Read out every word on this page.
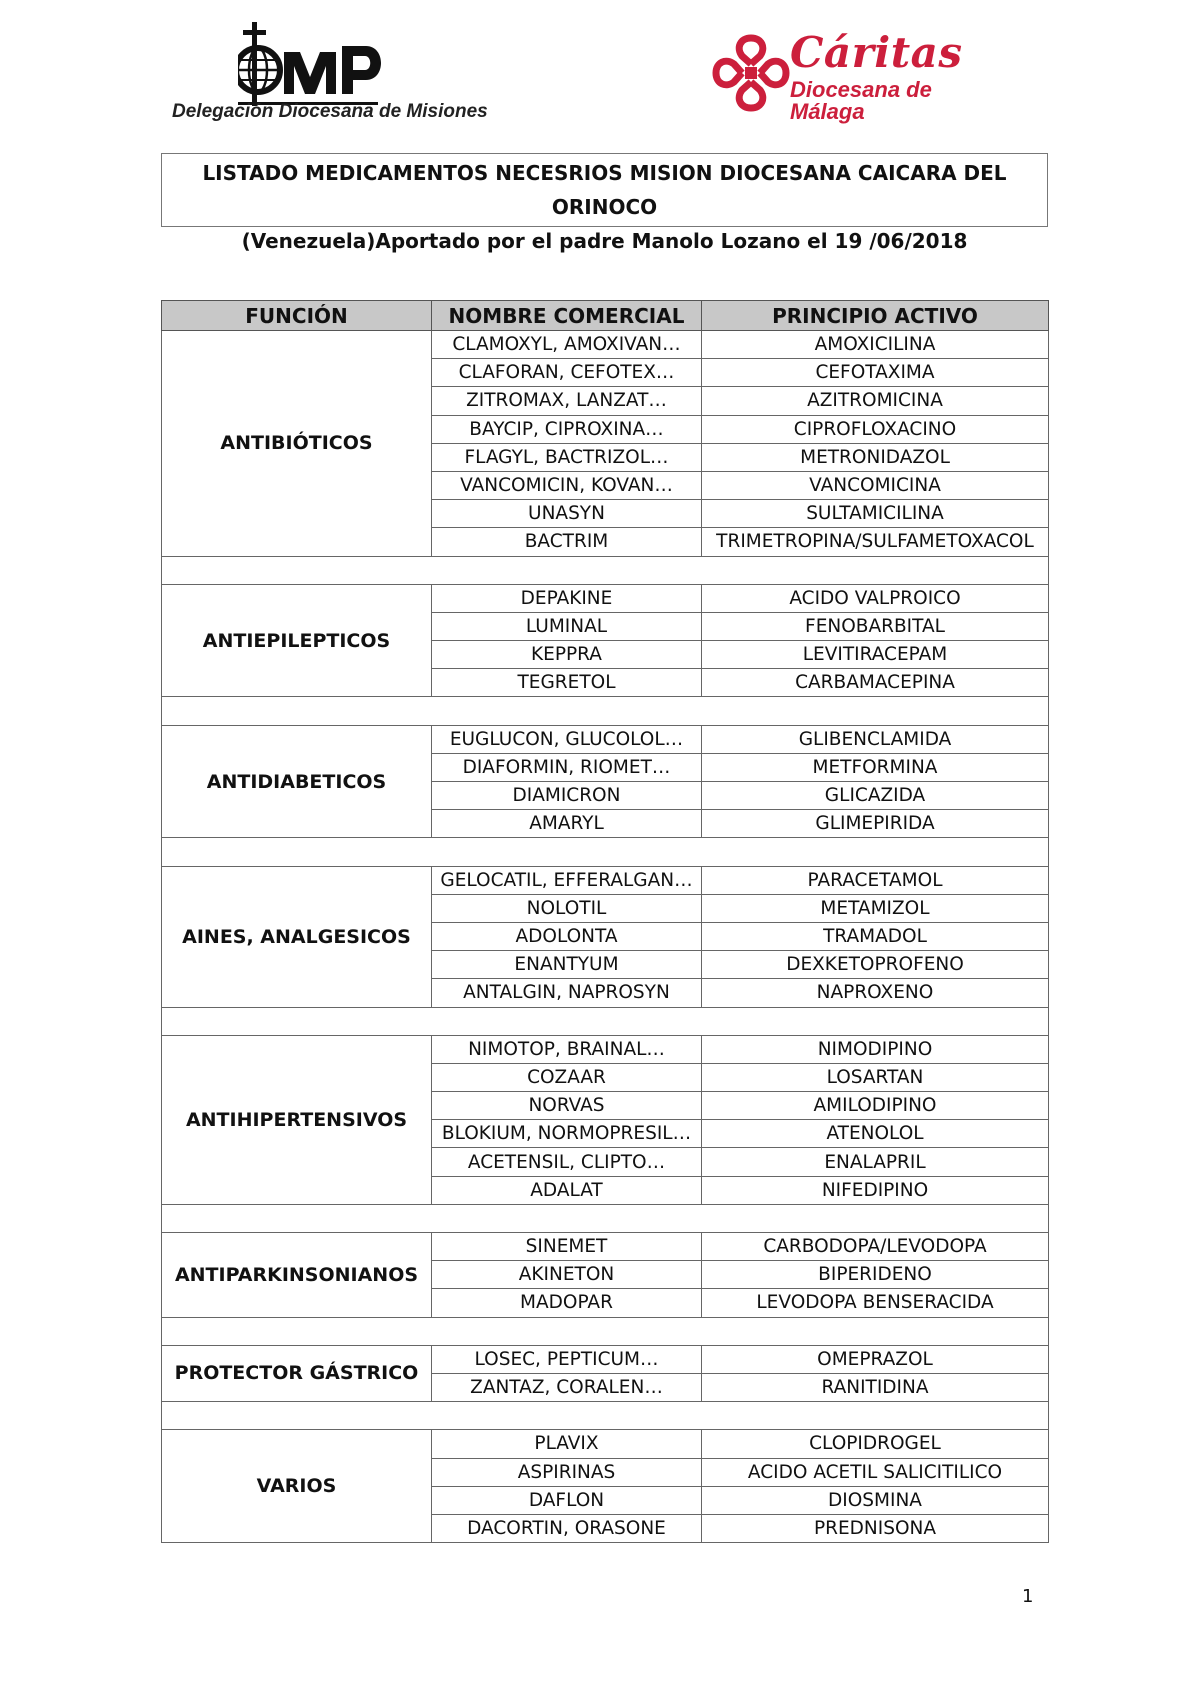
Delegación Diocesana de Misiones
Cáritas
Diocesana de
Málaga
LISTADO MEDICAMENTOS NECESRIOS MISION DIOCESANA CAICARA DEL ORINOCO
(Venezuela)Aportado por el padre Manolo Lozano el 19 /06/2018
FUNCIÓN	NOMBRE COMERCIAL	PRINCIPIO ACTIVO
ANTIBIÓTICOS	CLAMOXYL, AMOXIVAN…	AMOXICILINA
	CLAFORAN, CEFOTEX…	CEFOTAXIMA
	ZITROMAX, LANZAT…	AZITROMICINA
	BAYCIP, CIPROXINA…	CIPROFLOXACINO
	FLAGYL, BACTRIZOL…	METRONIDAZOL
	VANCOMICIN, KOVAN…	VANCOMICINA
	UNASYN	SULTAMICILINA
	BACTRIM	TRIMETROPINA/SULFAMETOXACOL

ANTIEPILEPTICOS	DEPAKINE	ACIDO VALPROICO
	LUMINAL	FENOBARBITAL
	KEPPRA	LEVITIRACEPAM
	TEGRETOL	CARBAMACEPINA

ANTIDIABETICOS	EUGLUCON, GLUCOLOL…	GLIBENCLAMIDA
	DIAFORMIN, RIOMET…	METFORMINA
	DIAMICRON	GLICAZIDA
	AMARYL	GLIMEPIRIDA

AINES, ANALGESICOS	GELOCATIL, EFFERALGAN…	PARACETAMOL
	NOLOTIL	METAMIZOL
	ADOLONTA	TRAMADOL
	ENANTYUM	DEXKETOPROFENO
	ANTALGIN, NAPROSYN	NAPROXENO

ANTIHIPERTENSIVOS	NIMOTOP, BRAINAL…	NIMODIPINO
	COZAAR	LOSARTAN
	NORVAS	AMILODIPINO
	BLOKIUM, NORMOPRESIL…	ATENOLOL
	ACETENSIL, CLIPTO…	ENALAPRIL
	ADALAT	NIFEDIPINO

ANTIPARKINSONIANOS	SINEMET	CARBODOPA/LEVODOPA
	AKINETON	BIPERIDENO
	MADOPAR	LEVODOPA BENSERACIDA

PROTECTOR GÁSTRICO	LOSEC, PEPTICUM…	OMEPRAZOL
	ZANTAZ, CORALEN…	RANITIDINA

VARIOS	PLAVIX	CLOPIDROGEL
	ASPIRINAS	ACIDO ACETIL SALICITILICO
	DAFLON	DIOSMINA
	DACORTIN, ORASONE	PREDNISONA
1
